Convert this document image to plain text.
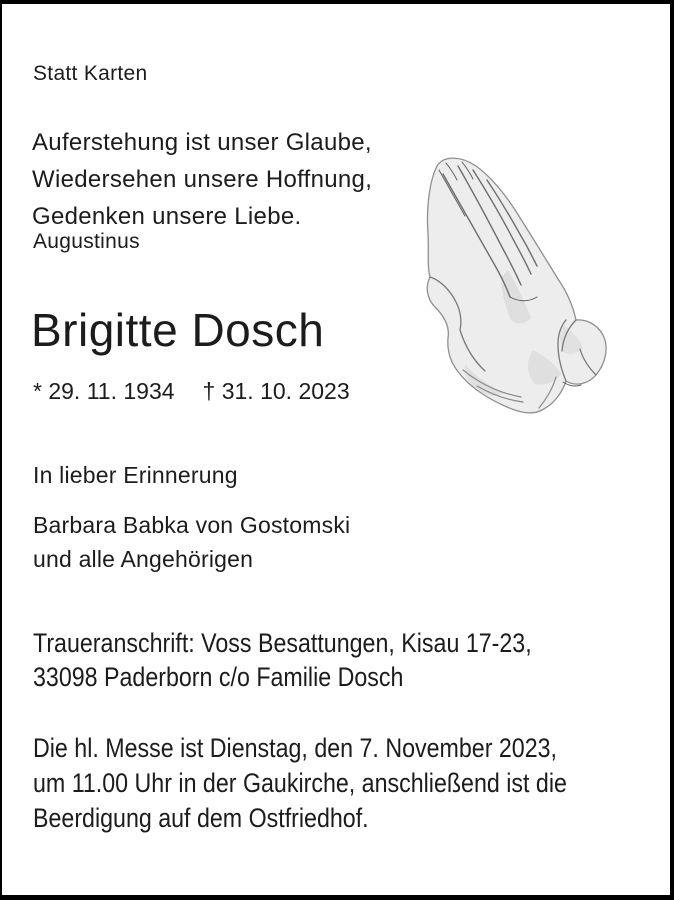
Statt Karten
Auferstehung ist unser Glaube,
Wiedersehen unsere Hoffnung,
Gedenken unsere Liebe.
Augustinus
Brigitte Dosch
* 29. 11. 1934 † 31. 10. 2023
In lieber Erinnerung
Barbara Babka von Gostomski
und alle Angehörigen
Traueranschrift: Voss Besattungen, Kisau 17-23,
33098 Paderborn c/o Familie Dosch
Die hl. Messe ist Dienstag, den 7. November 2023,
um 11.00 Uhr in der Gaukirche, anschließend ist die
Beerdigung auf dem Ostfriedhof.
